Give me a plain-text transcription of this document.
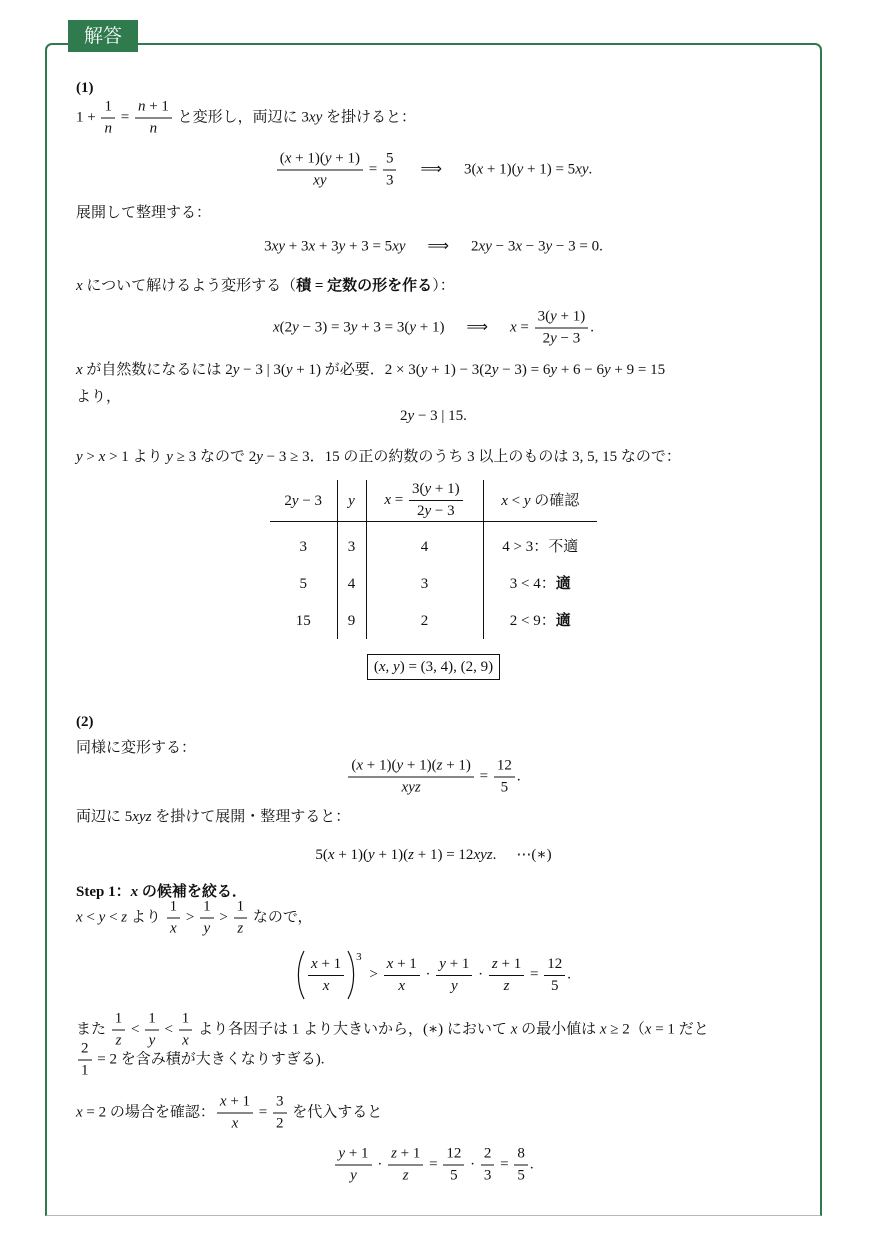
解答
(1)
$1 + \frac{1}{n} = \frac{n + 1}{n}$ と変形し，両辺に 3xy を掛けると：
$\frac{(x + 1)(y + 1)}{xy} = \frac{5}{3}$ ⟹ 3(x + 1)(y + 1) = 5xy.
展開して整理する：
3xy + 3x + 3y + 3 = 5xy ⟹ 2xy − 3x − 3y − 3 = 0.
x について解けるよう変形する（積 = 定数の形を作る）：
x(2y − 3) = 3y + 3 = 3(y + 1) ⟹ $x = \frac{3(y + 1)}{2y - 3}$ .
x が自然数になるには 2y − 3 | 3(y + 1) が必要．2 × 3(y + 1) − 3(2y − 3) = 6y + 6 − 6y + 9 = 15
より，
2y − 3 | 15.
y > x > 1 より y ≥ 3 なので 2y − 3 ≥ 3．15 の正の約数のうち 3 以上のものは 3, 5, 15 なので：
2y − 3	y	$x = \frac{3(y + 1)}{2y - 3}$	x < y の確認

3	3	4	4 > 3：不適
5	4	3	3 < 4：適
15	9	2	2 < 9：適
(x, y) = (3, 4), (2, 9)
(2)
同様に変形する：
$\frac{(x + 1)(y + 1)(z + 1)}{\text{xyz}} = \frac{12}{5}$ .
両辺に 5xyz を掛けて展開・整理すると：
5(x + 1)(y + 1)(z + 1) = 12xyz. ⋯(∗)
Step 1：x の候補を絞る．
x < y < z より $\frac{1}{x} > \frac{1}{y} > \frac{1}{z}$ なので，
$\frac{x + 1}{x} 3 > \frac{x + 1}{x} \cdot \frac{y + 1}{y} \cdot \frac{z + 1}{z} = \frac{12}{5}$ .
また $\frac{1}{z} < \frac{1}{y} < \frac{1}{x}$ より各因子は 1 より大きいから，(∗) において x の最小値は x ≥ 2（x = 1 だと
$\frac{2}{1} = 2$ を含み積が大きくなりすぎる).
x = 2 の場合を確認： $\frac{x + 1}{x} = \frac{3}{2}$ を代入すると
$\frac{y + 1}{y} \cdot \frac{z + 1}{z} = \frac{12}{5} \cdot \frac{2}{3} = \frac{8}{5}$ .
